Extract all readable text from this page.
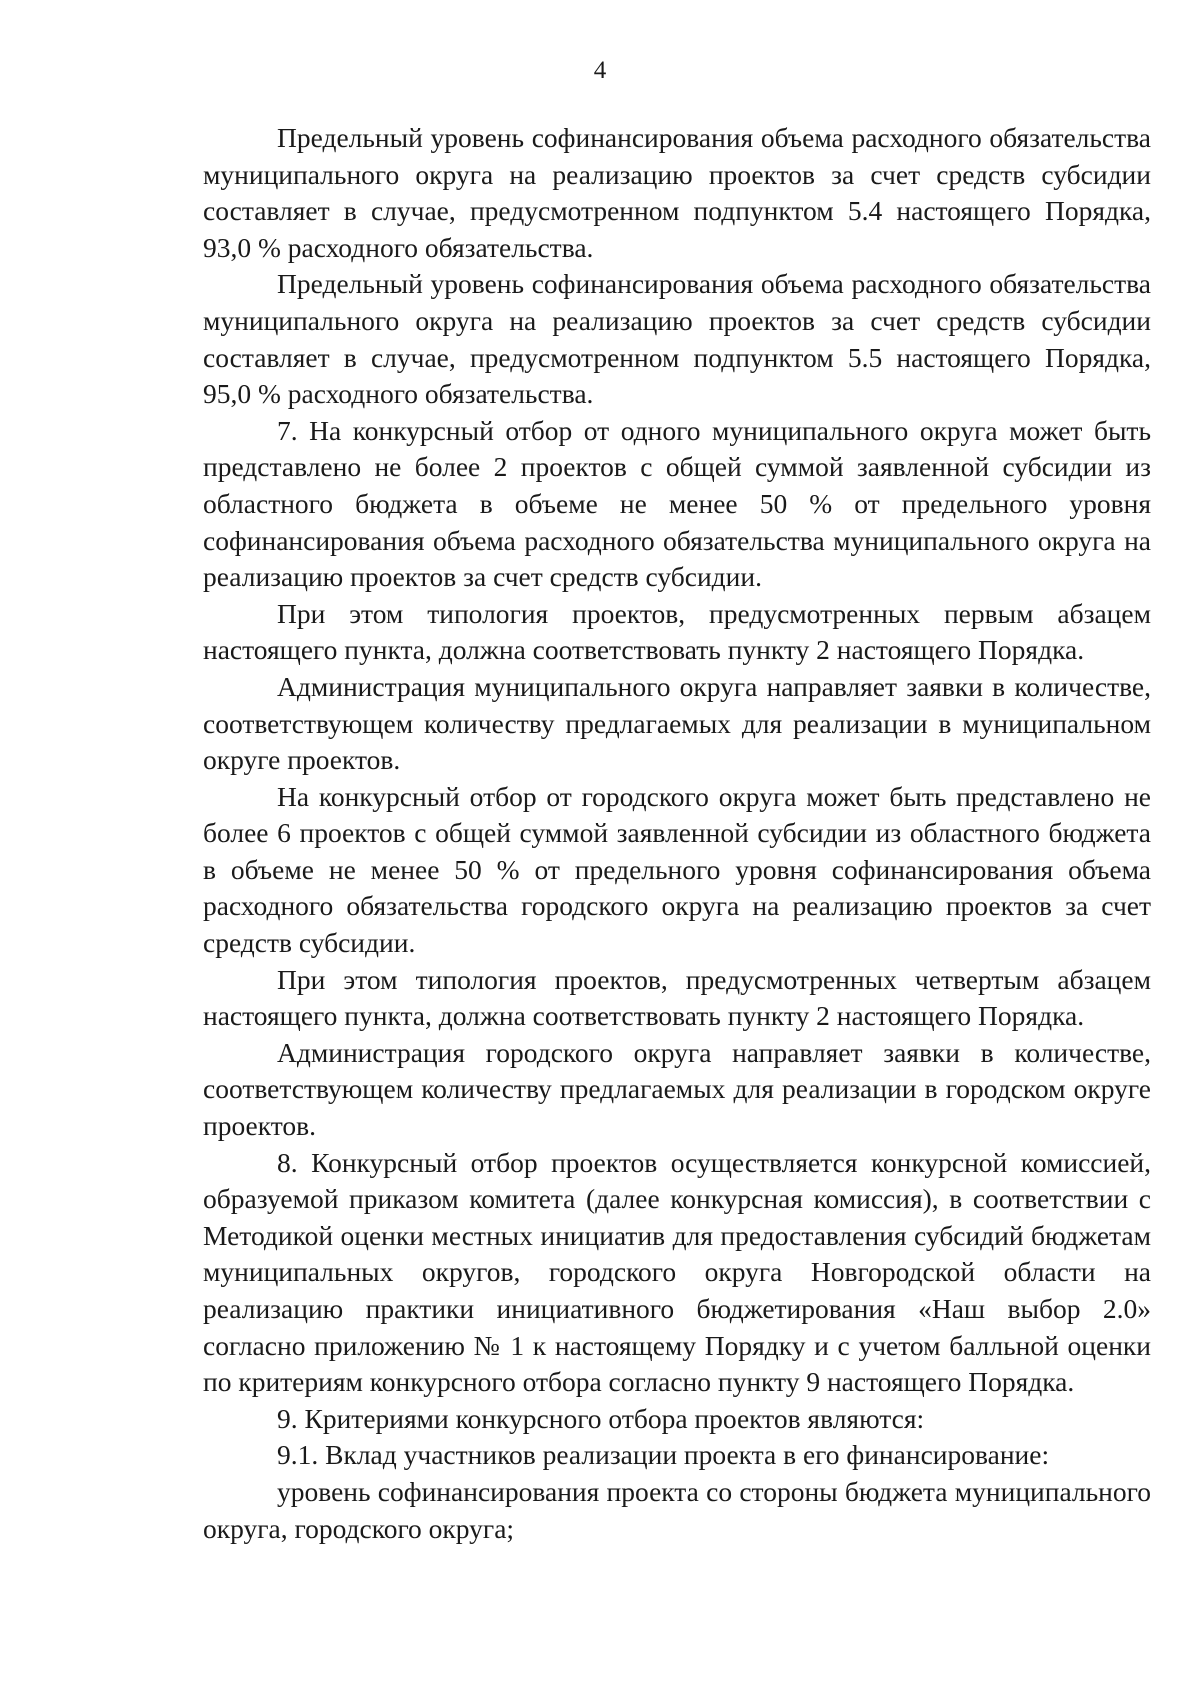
4

Предельный уровень софинансирования объема расходного обязательства муниципального округа на реализацию проектов за счет средств субсидии составляет в случае, предусмотренном подпунктом 5.4 настоящего Порядка, 93,0 % расходного обязательства.

Предельный уровень софинансирования объема расходного обязательства муниципального округа на реализацию проектов за счет средств субсидии составляет в случае, предусмотренном подпунктом 5.5 настоящего Порядка, 95,0 % расходного обязательства.

7. На конкурсный отбор от одного муниципального округа может быть представлено не более 2 проектов с общей суммой заявленной субсидии из областного бюджета в объеме не менее 50 % от предельного уровня софинансирования объема расходного обязательства муниципального округа на реализацию проектов за счет средств субсидии.

При этом типология проектов, предусмотренных первым абзацем настоящего пункта, должна соответствовать пункту 2 настоящего Порядка.

Администрация муниципального округа направляет заявки в количестве, соответствующем количеству предлагаемых для реализации в муниципальном округе проектов.

На конкурсный отбор от городского округа может быть представлено не более 6 проектов с общей суммой заявленной субсидии из областного бюджета в объеме не менее 50 % от предельного уровня софинансирования объема расходного обязательства городского округа на реализацию проектов за счет средств субсидии.

При этом типология проектов, предусмотренных четвертым абзацем настоящего пункта, должна соответствовать пункту 2 настоящего Порядка.

Администрация городского округа направляет заявки в количестве, соответствующем количеству предлагаемых для реализации в городском округе проектов.

8. Конкурсный отбор проектов осуществляется конкурсной комиссией, образуемой приказом комитета (далее конкурсная комиссия), в соответствии с Методикой оценки местных инициатив для предоставления субсидий бюджетам муниципальных округов, городского округа Новгородской области на реализацию практики инициативного бюджетирования «Наш выбор 2.0» согласно приложению № 1 к настоящему Порядку и с учетом балльной оценки по критериям конкурсного отбора согласно пункту 9 настоящего Порядка.

9. Критериями конкурсного отбора проектов являются:

9.1. Вклад участников реализации проекта в его финансирование:

уровень софинансирования проекта со стороны бюджета муниципального округа, городского округа;
